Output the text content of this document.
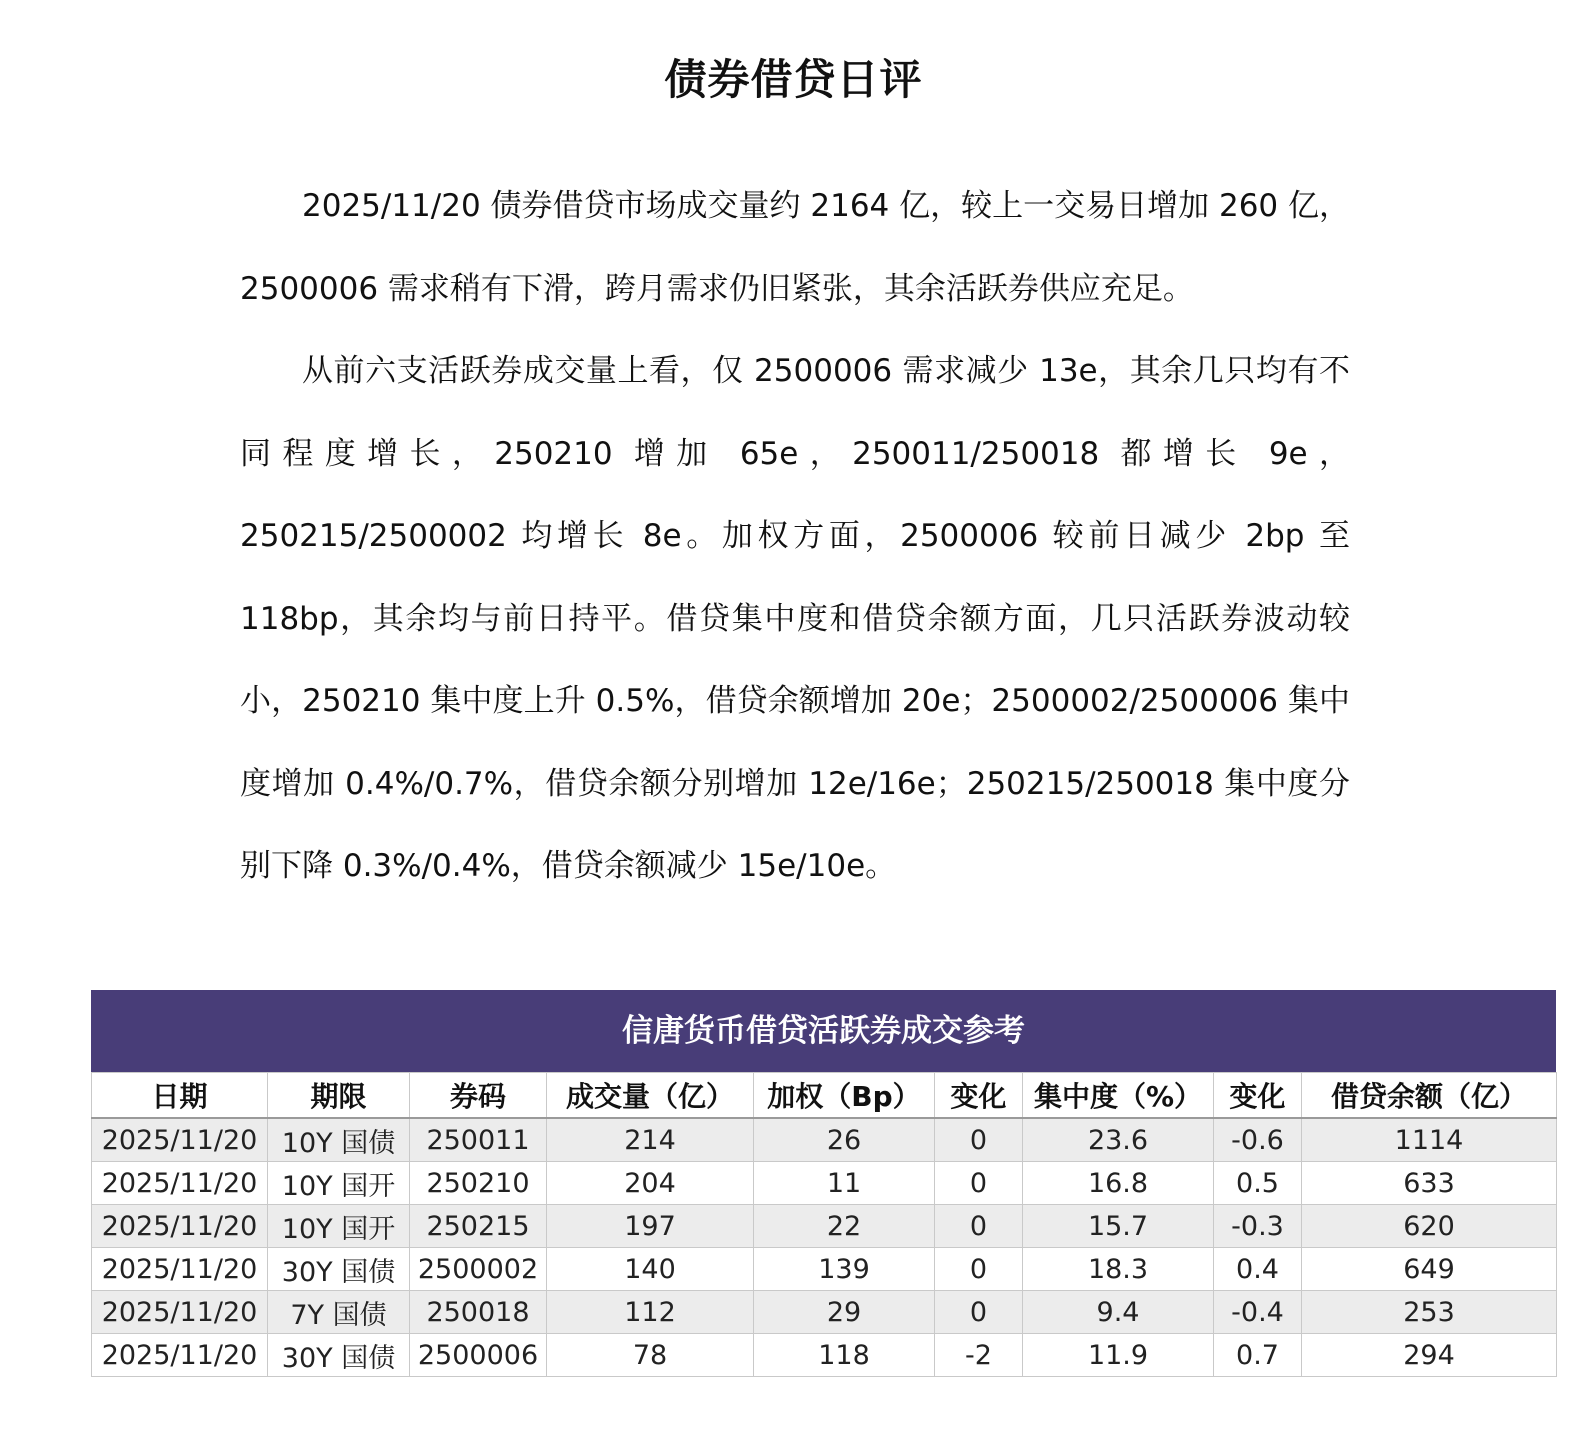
债券借贷日评

2025/11/20 债券借贷市场成交量约 2164 亿，较上一交易日增加 260 亿，2500006 需求稍有下滑，跨月需求仍旧紧张，其余活跃券供应充足。

从前六支活跃券成交量上看，仅 2500006 需求减少 13e，其余几只均有不同程度增长，250210 增加 65e，250011/250018 都增长 9e，250215/2500002 均增长 8e。加权方面，2500006 较前日减少 2bp 至 118bp，其余均与前日持平。借贷集中度和借贷余额方面，几只活跃券波动较小，250210 集中度上升 0.5%，借贷余额增加 20e；2500002/2500006 集中度增加 0.4%/0.7%，借贷余额分别增加 12e/16e；250215/250018 集中度分别下降 0.3%/0.4%，借贷余额减少 15e/10e。

信唐货币借贷活跃券成交参考
日期	期限	券码	成交量（亿）	加权（Bp）	变化	集中度（%）	变化	借贷余额（亿）
2025/11/20	10Y 国债	250011	214	26	0	23.6	-0.6	1114
2025/11/20	10Y 国开	250210	204	11	0	16.8	0.5	633
2025/11/20	10Y 国开	250215	197	22	0	15.7	-0.3	620
2025/11/20	30Y 国债	2500002	140	139	0	18.3	0.4	649
2025/11/20	7Y 国债	250018	112	29	0	9.4	-0.4	253
2025/11/20	30Y 国债	2500006	78	118	-2	11.9	0.7	294
